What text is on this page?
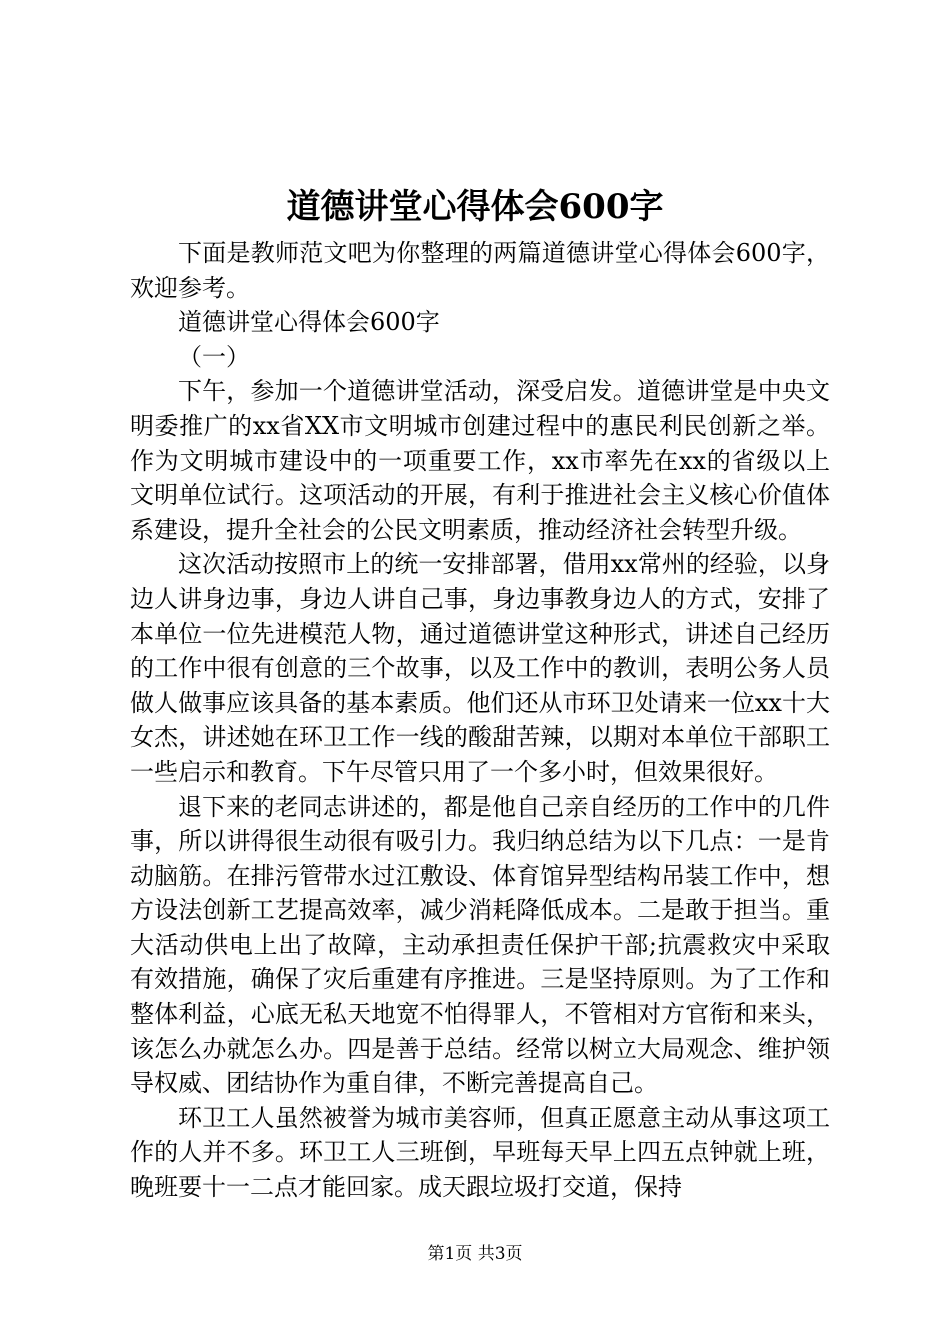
道德讲堂心得体会600字

下面是教师范文吧为你整理的两篇道德讲堂心得体会600字，欢迎参考。

道德讲堂心得体会600字

（一）

下午，参加一个道德讲堂活动，深受启发。道德讲堂是中央文明委推广的xx省XX市文明城市创建过程中的惠民利民创新之举。作为文明城市建设中的一项重要工作，xx市率先在xx的省级以上文明单位试行。这项活动的开展，有利于推进社会主义核心价值体系建设，提升全社会的公民文明素质，推动经济社会转型升级。

这次活动按照市上的统一安排部署，借用xx常州的经验，以身边人讲身边事，身边人讲自己事，身边事教身边人的方式，安排了本单位一位先进模范人物，通过道德讲堂这种形式，讲述自己经历的工作中很有创意的三个故事，以及工作中的教训，表明公务人员做人做事应该具备的基本素质。他们还从市环卫处请来一位xx十大女杰，讲述她在环卫工作一线的酸甜苦辣，以期对本单位干部职工一些启示和教育。下午尽管只用了一个多小时，但效果很好。

退下来的老同志讲述的，都是他自己亲自经历的工作中的几件事，所以讲得很生动很有吸引力。我归纳总结为以下几点：一是肯动脑筋。在排污管带水过江敷设、体育馆异型结构吊装工作中，想方设法创新工艺提高效率，减少消耗降低成本。二是敢于担当。重大活动供电上出了故障，主动承担责任保护干部;抗震救灾中采取有效措施，确保了灾后重建有序推进。三是坚持原则。为了工作和整体利益，心底无私天地宽不怕得罪人，不管相对方官衔和来头，该怎么办就怎么办。四是善于总结。经常以树立大局观念、维护领导权威、团结协作为重自律，不断完善提高自己。

环卫工人虽然被誉为城市美容师，但真正愿意主动从事这项工作的人并不多。环卫工人三班倒，早班每天早上四五点钟就上班，晚班要十一二点才能回家。成天跟垃圾打交道，保持

第1页 共3页
